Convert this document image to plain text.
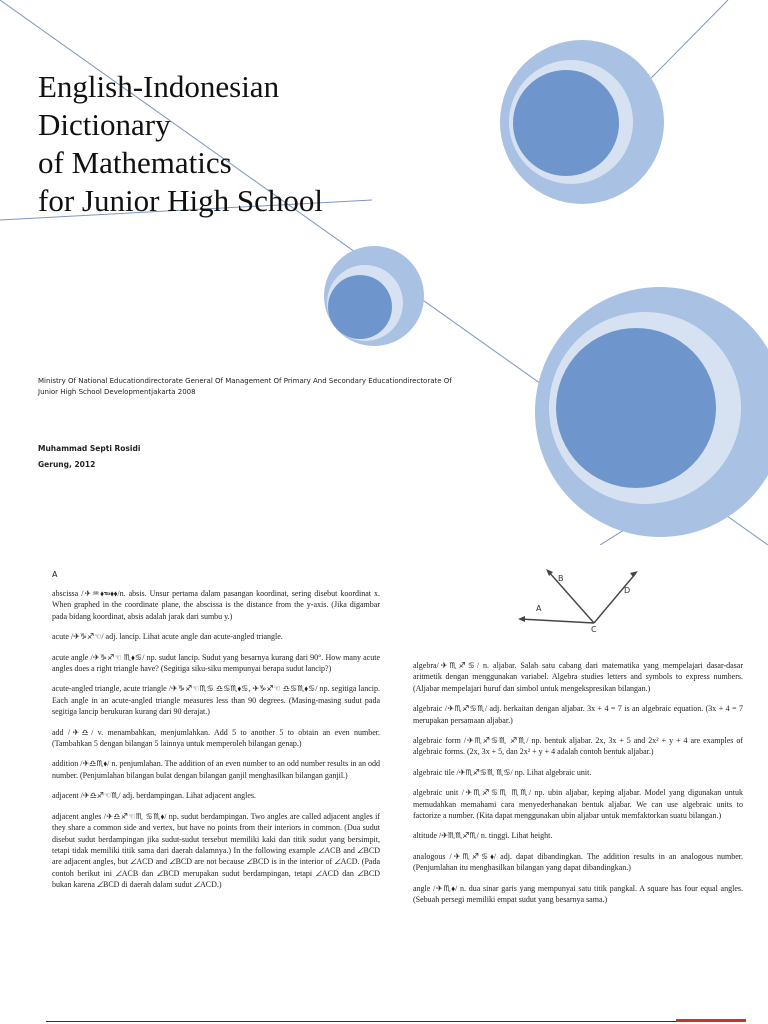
English-Indonesian
Dictionary
of Mathematics
for Junior High School
Ministry Of National Educationdirectorate General Of Management Of Primary And Secondary Educationdirectorate Of Junior High School Developmentjakarta 2008
Muhammad Septi Rosidi
Gerung, 2012
A

abscissa /✈︎♒︎⬧︎☜︎⬧︎⬧︎/n. absis. Unsur pertama dalam pasangan koordinat, sering disebut koordinat x. When graphed in the coordinate plane, the abscissa is the distance from the y-axis. (Jika digambar pada bidang koordinat, absis adalah jarak dari sumbu y.)

acute /✈︎♑︎♐︎☜︎/ adj. lancip. Lihat acute angle dan acute-angled triangle.

acute angle /✈︎♑︎♐︎☜︎ ♏︎⬧︎♋︎/ np. sudut lancip. Sudut yang besarnya kurang dari 90°. How many acute angles does a right triangle have? (Segitiga siku-siku mempunyai berapa sudut lancip?)

acute-angled triangle, acute triangle /✈︎♑︎♐︎☜︎♏︎♋︎ ♎︎♋︎♏︎⬧︎♋︎, ✈︎♑︎♐︎☜︎ ♎︎♋︎♏︎⬧︎♋︎/ np. segitiga lancip. Each angle in an acute-angled triangle measures less than 90 degrees. (Masing-masing sudut pada segitiga lancip berukuran kurang dari 90 derajat.)

add /✈︎♎︎/ v. menambahkan, menjumlahkan. Add 5 to another 5 to obtain an even number. (Tambahkan 5 dengan bilangan 5 lainnya untuk memperoleh bilangan genap.)

addition /✈︎♎︎♏︎⬧︎/ n. penjumlahan. The addition of an even number to an odd number results in an odd number. (Penjumlahan bilangan bulat dengan bilangan ganjil menghasilkan bilangan ganjil.)

adjacent /✈︎♎︎♐︎☜︎♏︎/ adj. berdampingan. Lihat adjacent angles.

adjacent angles /✈︎♎︎♐︎☜︎♏︎ ♋︎♏︎⬧︎/ np. sudut berdampingan. Two angles are called adjacent angles if they share a common side and vertex, but have no points from their interiors in common. (Dua sudut disebut sudut berdampingan jika sudut-sudut tersebut memiliki kaki dan titik sudut yang bersimpit, tetapi tidak memiliki titik sama dari daerah dalamnya.) In the following example ∠ACB and ∠BCD are adjacent angles, but ∠ACD and ∠BCD are not because ∠BCD is in the interior of ∠ACD. (Pada contoh berikut ini ∠ACB dan ∠BCD merupakan sudut berdampingan, tetapi ∠ACD dan ∠BCD bukan karena ∠BCD di daerah dalam sudut ∠ACD.)

A
B
C
D

algebra/✈︎♏︎♐︎♋︎/ n. aljabar. Salah satu cabang dari matematika yang mempelajari dasar-dasar aritmetik dengan menggunakan variabel. Algebra studies letters and symbols to express numbers. (Aljabar mempelajari huruf dan simbol untuk mengekspresikan bilangan.)

algebraic /✈︎♏︎♐︎♋︎♏︎/ adj. berkaitan dengan aljabar. 3x + 4 = 7 is an algebraic equation. (3x + 4 = 7 merupakan persamaan aljabar.)

algebraic form /✈︎♏︎♐︎♋︎♏︎ ♐︎♏︎/ np. bentuk aljabar. 2x, 3x + 5 and 2x² + y + 4 are examples of algebraic forms. (2x, 3x + 5, dan 2x² + y + 4 adalah contoh bentuk aljabar.)

algebraic tile /✈︎♏︎♐︎♋︎♏︎ ♏︎♋︎/ np. Lihat algebraic unit.

algebraic unit /✈︎♏︎♐︎♋︎♏︎ ♏︎♏︎/ np. ubin aljabar, keping aljabar. Model yang digunakan untuk memudahkan memahami cara menyederhanakan bentuk aljabar. We can use algebraic units to factorize a number. (Kita dapat menggunakan ubin aljabar untuk memfaktorkan suatu bilangan.)

altitude /✈︎♏︎♏︎♐︎♏︎/ n. tinggi. Lihat height.

analogous /✈︎♏︎♐︎♋︎⬧︎/ adj. dapat dibandingkan. The addition results in an analogous number. (Penjumlahan itu menghasilkan bilangan yang dapat dibandingkan.)

angle /✈︎♏︎⬧︎/ n. dua sinar garis yang mempunyai satu titik pangkal. A square has four equal angles. (Sebuah persegi memiliki empat sudut yang besarnya sama.)
